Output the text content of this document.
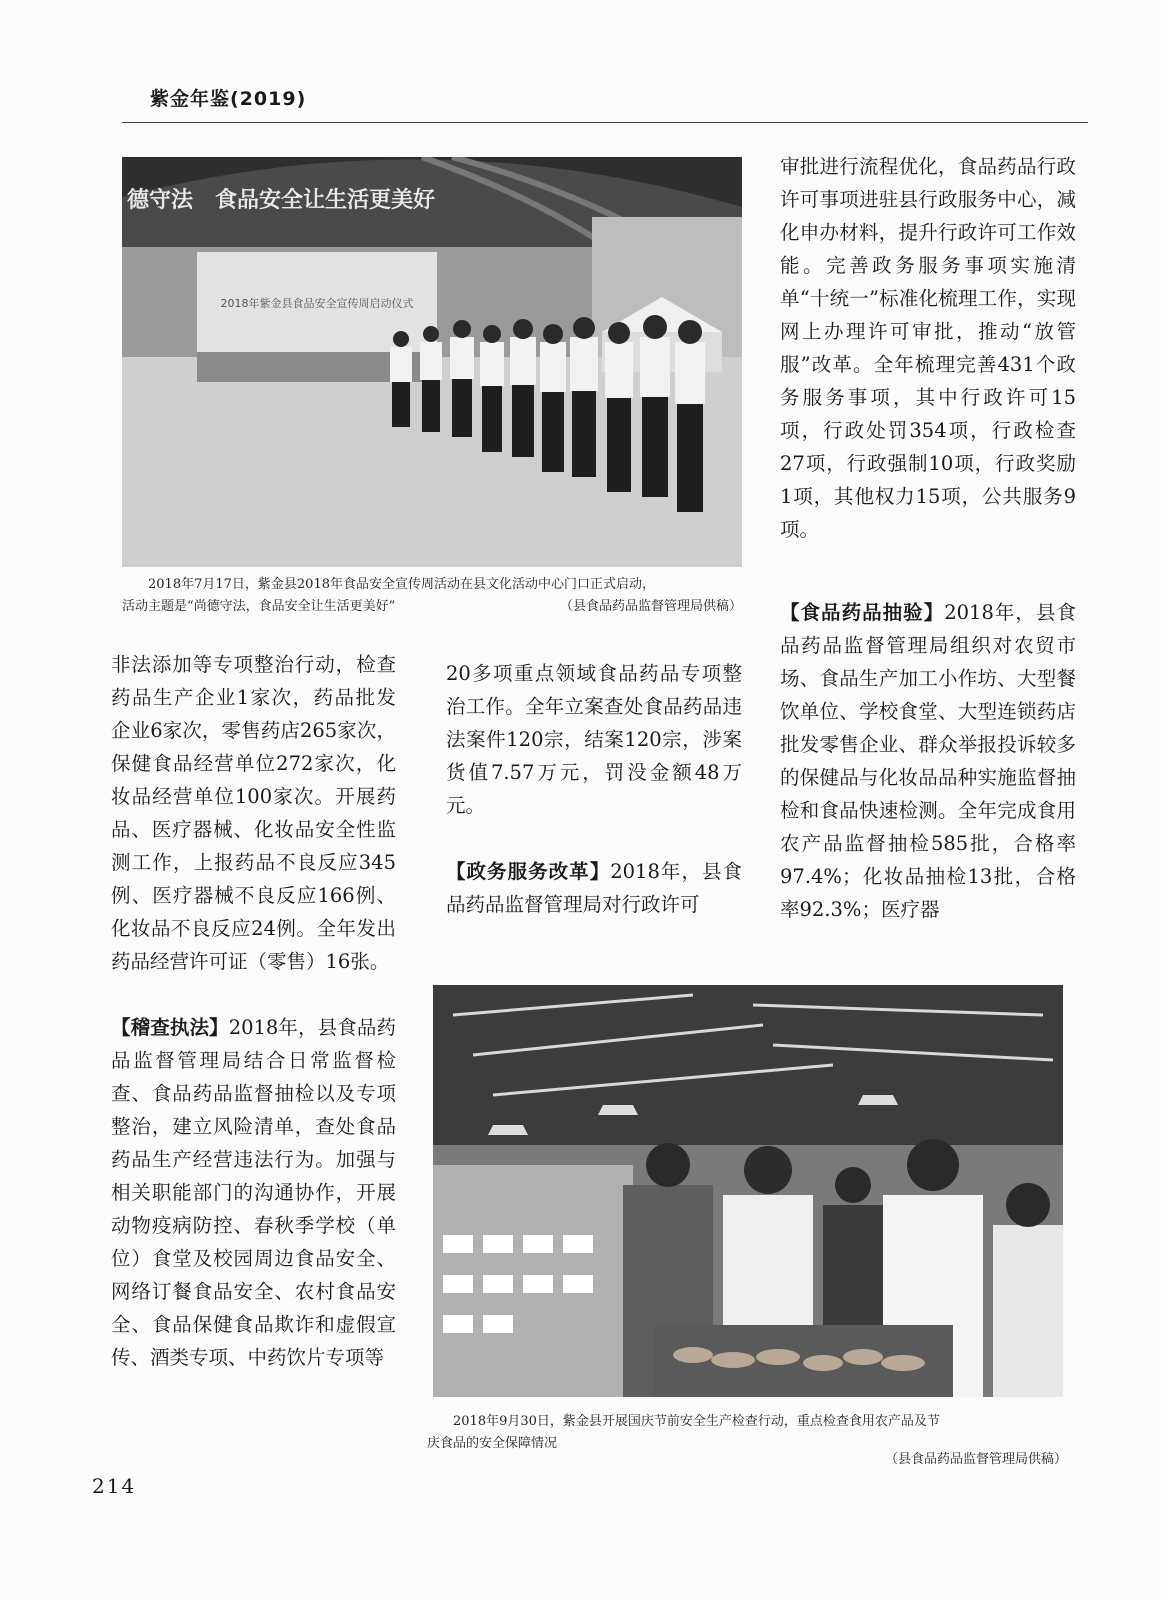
紫金年鉴(2019)
2018年紫金县食品安全宣传周启动仪式
德守法　食品安全让生活更美好
2018年7月17日，紫金县2018年食品安全宣传周活动在县文化活动中心门口正式启动，
活动主题是“尚德守法，食品安全让生活更美好”	（县食品药品监督管理局供稿）

审批进行流程优化，食品药品行政许可事项进驻县行政服务中心，减化申办材料，提升行政许可工作效能。完善政务服务事项实施清单“十统一”标准化梳理工作，实现网上办理许可审批，推动“放管服”改革。全年梳理完善431个政务服务事项，其中行政许可15项，行政处罚354项，行政检查27项，行政强制10项，行政奖励1项，其他权力15项，公共服务9项。

【食品药品抽验】2018年，县食品药品监督管理局组织对农贸市场、食品生产加工小作坊、大型餐饮单位、学校食堂、大型连锁药店批发零售企业、群众举报投诉较多的保健品与化妆品品种实施监督抽检和食品快速检测。全年完成食用农产品监督抽检585批，合格率97.4%；化妆品抽检13批，合格率92.3%；医疗器

非法添加等专项整治行动，检查药品生产企业1家次，药品批发企业6家次，零售药店265家次，保健食品经营单位272家次，化妆品经营单位100家次。开展药品、医疗器械、化妆品安全性监测工作，上报药品不良反应345例、医疗器械不良反应166例、化妆品不良反应24例。全年发出药品经营许可证（零售）16张。

【稽查执法】2018年，县食品药品监督管理局结合日常监督检查、食品药品监督抽检以及专项整治，建立风险清单，查处食品药品生产经营违法行为。加强与相关职能部门的沟通协作，开展动物疫病防控、春秋季学校（单位）食堂及校园周边食品安全、网络订餐食品安全、农村食品安全、食品保健食品欺诈和虚假宣传、酒类专项、中药饮片专项等

20多项重点领域食品药品专项整治工作。全年立案查处食品药品违法案件120宗，结案120宗，涉案货值7.57万元，罚没金额48万元。

【政务服务改革】2018年，县食品药品监督管理局对行政许可

2018年9月30日，紫金县开展国庆节前安全生产检查行动，重点检查食用农产品及节
庆食品的安全保障情况
（县食品药品监督管理局供稿）
214
